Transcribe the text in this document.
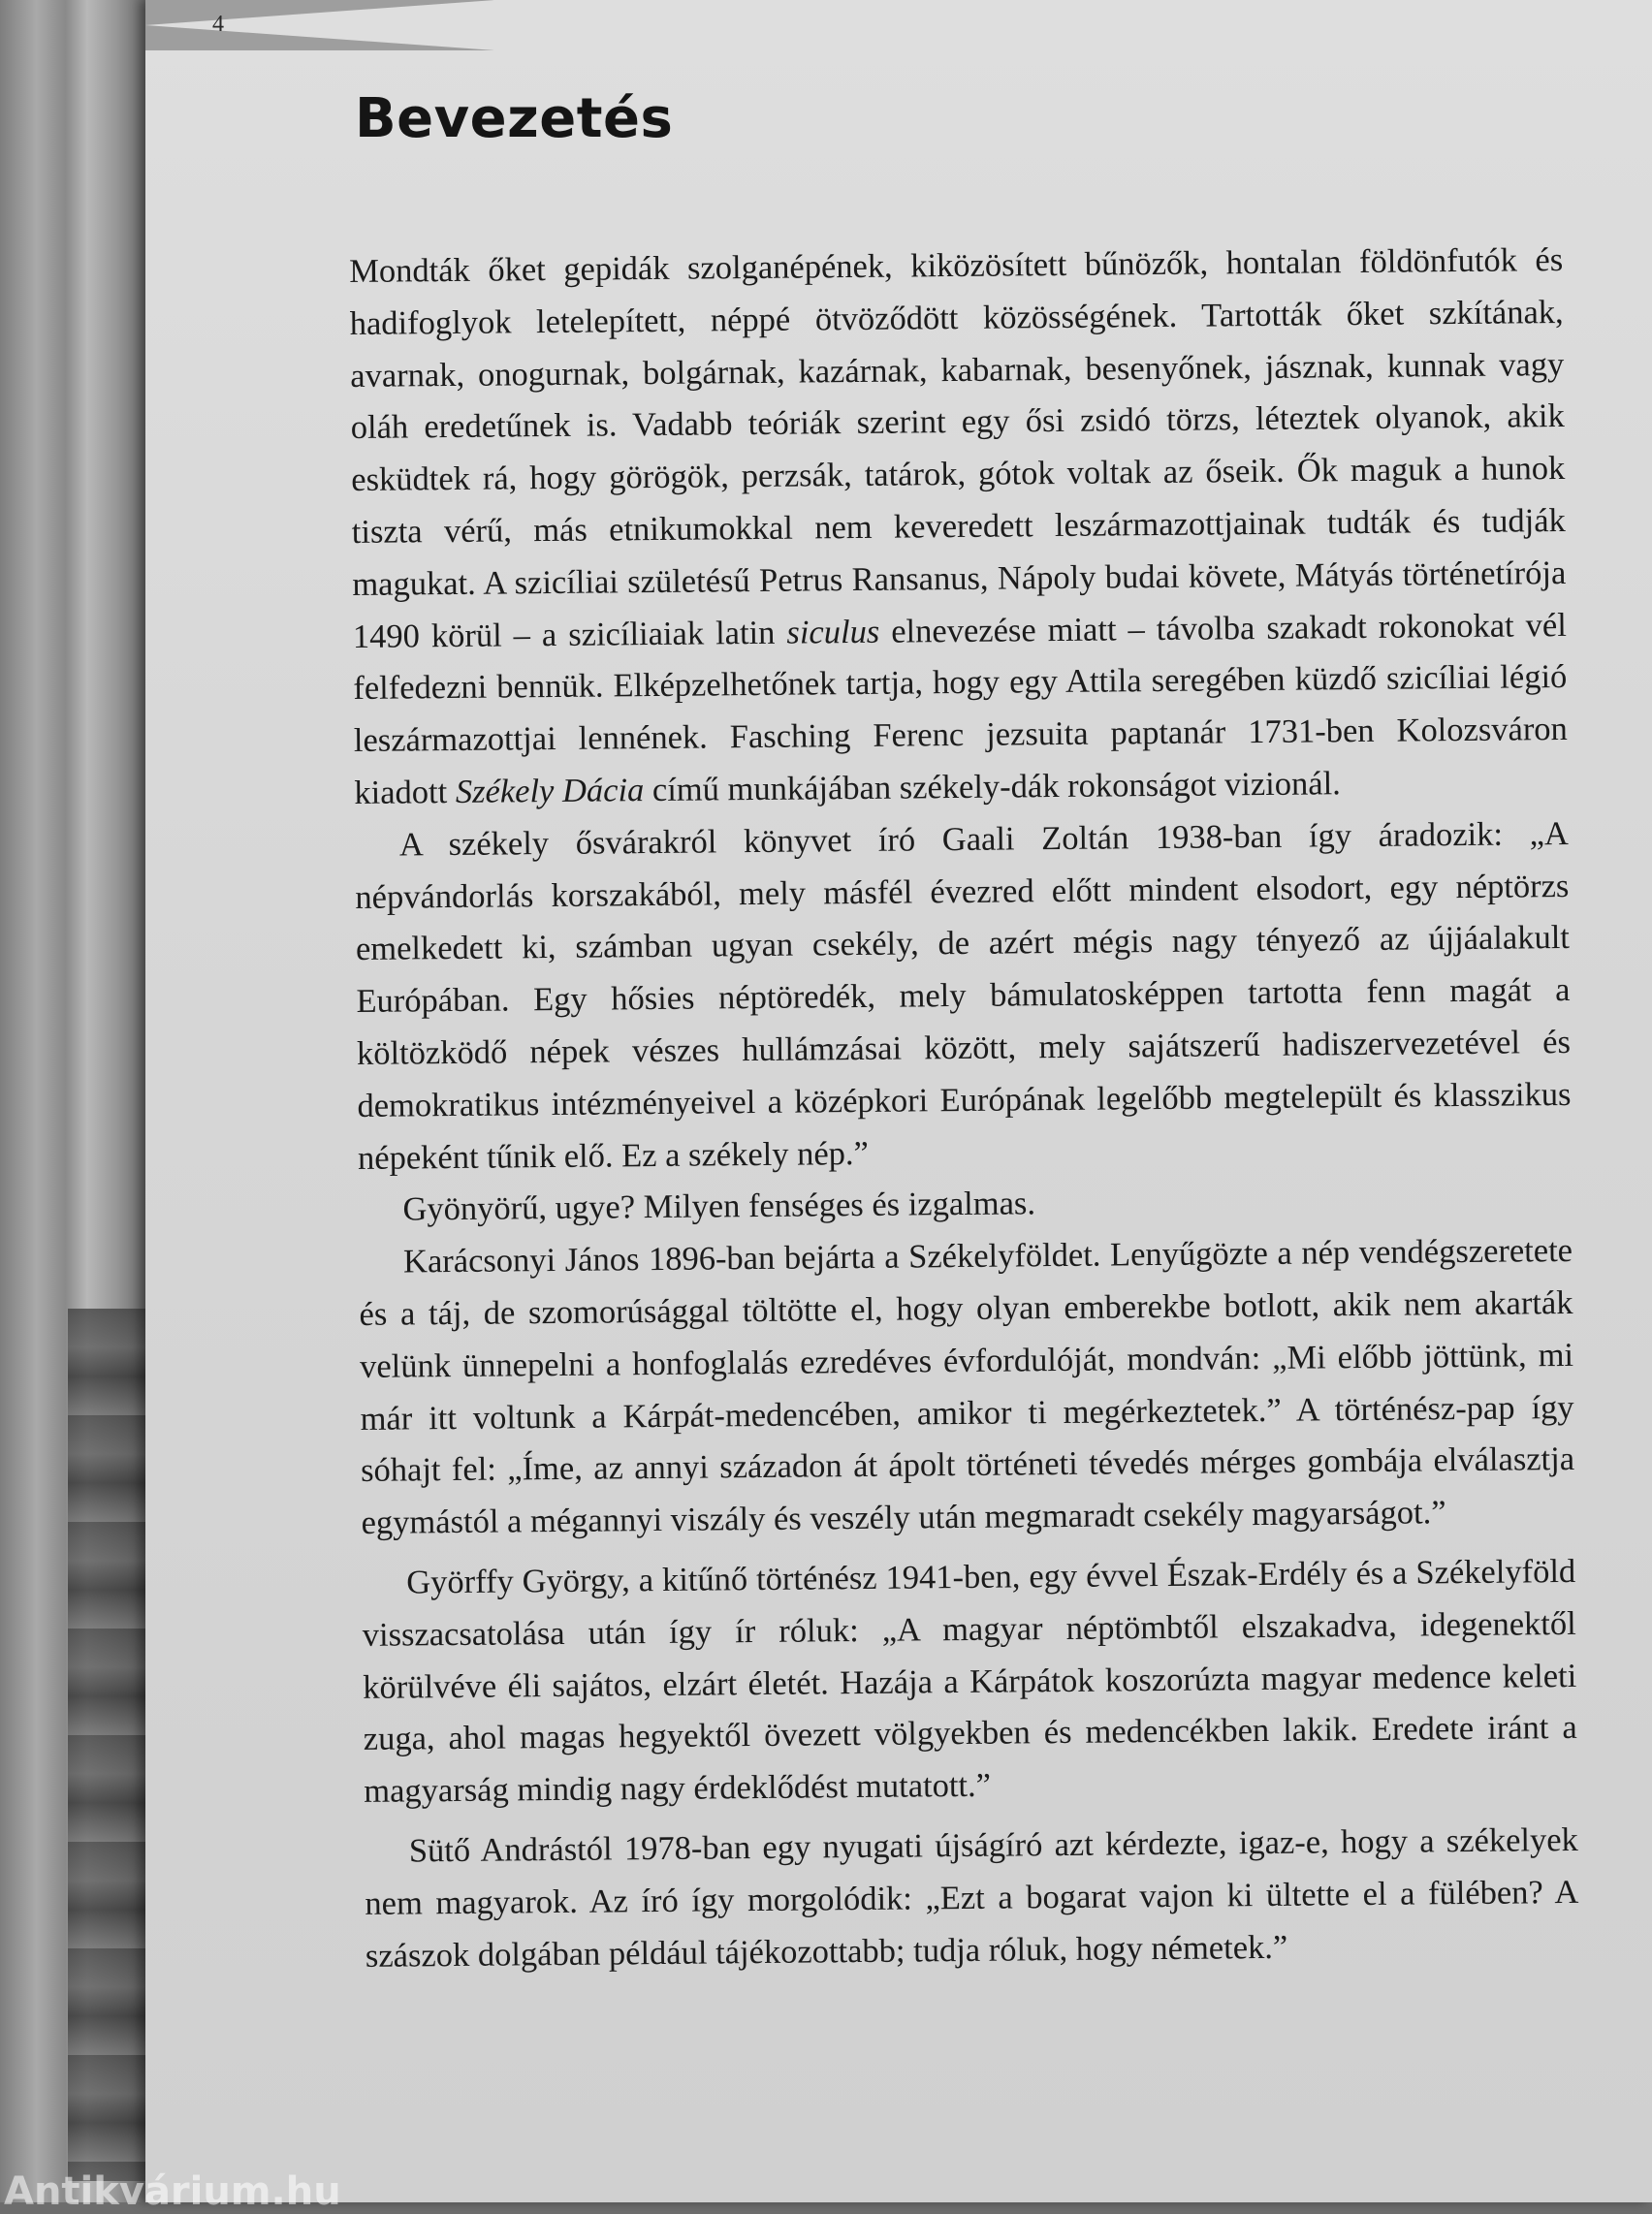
4
Bevezetés

Mondták őket gepidák szolganépének, kiközösített bűnözők, hontalan földönfutók és hadifoglyok letelepített, néppé ötvöződött közösségének. Tartották őket szkítának, avarnak, onogurnak, bolgárnak, kazárnak, kabarnak, besenyőnek, jásznak, kunnak vagy oláh eredetűnek is. Vadabb teóriák szerint egy ősi zsidó törzs, léteztek olyanok, akik esküdtek rá, hogy görögök, perzsák, tatárok, gótok voltak az őseik. Ők maguk a hunok tiszta vérű, más etnikumokkal nem keveredett leszármazottjainak tudták és tudják magukat. A szicíliai születésű Petrus Ransanus, Nápoly budai követe, Mátyás történetírója 1490 körül – a szicíliaiak latin siculus elnevezése miatt – távolba szakadt rokonokat vél felfedezni bennük. Elképzelhetőnek tartja, hogy egy Attila seregében küzdő szicíliai légió leszármazottjai lennének. Fasching Ferenc jezsuita paptanár 1731-ben Kolozsváron kiadott Székely Dácia című munkájában székely-dák rokonságot vizionál.

A székely ősvárakról könyvet író Gaali Zoltán 1938-ban így áradozik: „A népvándorlás korszakából, mely másfél évezred előtt mindent elsodort, egy néptörzs emelkedett ki, számban ugyan csekély, de azért mégis nagy tényező az újjáalakult Európában. Egy hősies néptöredék, mely bámulatosképpen tartotta fenn magát a költözködő népek vészes hullámzásai között, mely sajátszerű hadiszervezetével és demokratikus intézményeivel a középkori Európának legelőbb megtelepült és klasszikus népeként tűnik elő. Ez a székely nép.”

Gyönyörű, ugye? Milyen fenséges és izgalmas.

Karácsonyi János 1896-ban bejárta a Székelyföldet. Lenyűgözte a nép vendégszeretete és a táj, de szomorúsággal töltötte el, hogy olyan emberekbe botlott, akik nem akarták velünk ünnepelni a honfoglalás ezredéves évfordulóját, mondván: „Mi előbb jöttünk, mi már itt voltunk a Kárpát-medencében, amikor ti megérkeztetek.” A történész-pap így sóhajt fel: „Íme, az annyi századon át ápolt történeti tévedés mérges gombája elválasztja egymástól a mégannyi viszály és veszély után megmaradt csekély magyarságot.”

Györffy György, a kitűnő történész 1941-ben, egy évvel Észak-Erdély és a Székelyföld visszacsatolása után így ír róluk: „A magyar néptömbtől elszakadva, idegenektől körülvéve éli sajátos, elzárt életét. Hazája a Kárpátok koszorúzta magyar medence keleti zuga, ahol magas hegyektől övezett völgyekben és medencékben lakik. Eredete iránt a magyarság mindig nagy érdeklődést mutatott.”

Sütő Andrástól 1978-ban egy nyugati újságíró azt kérdezte, igaz-e, hogy a székelyek nem magyarok. Az író így morgolódik: „Ezt a bogarat vajon ki ültette el a fülében? A szászok dolgában például tájékozottabb; tudja róluk, hogy németek.”

Antikvárium.hu
